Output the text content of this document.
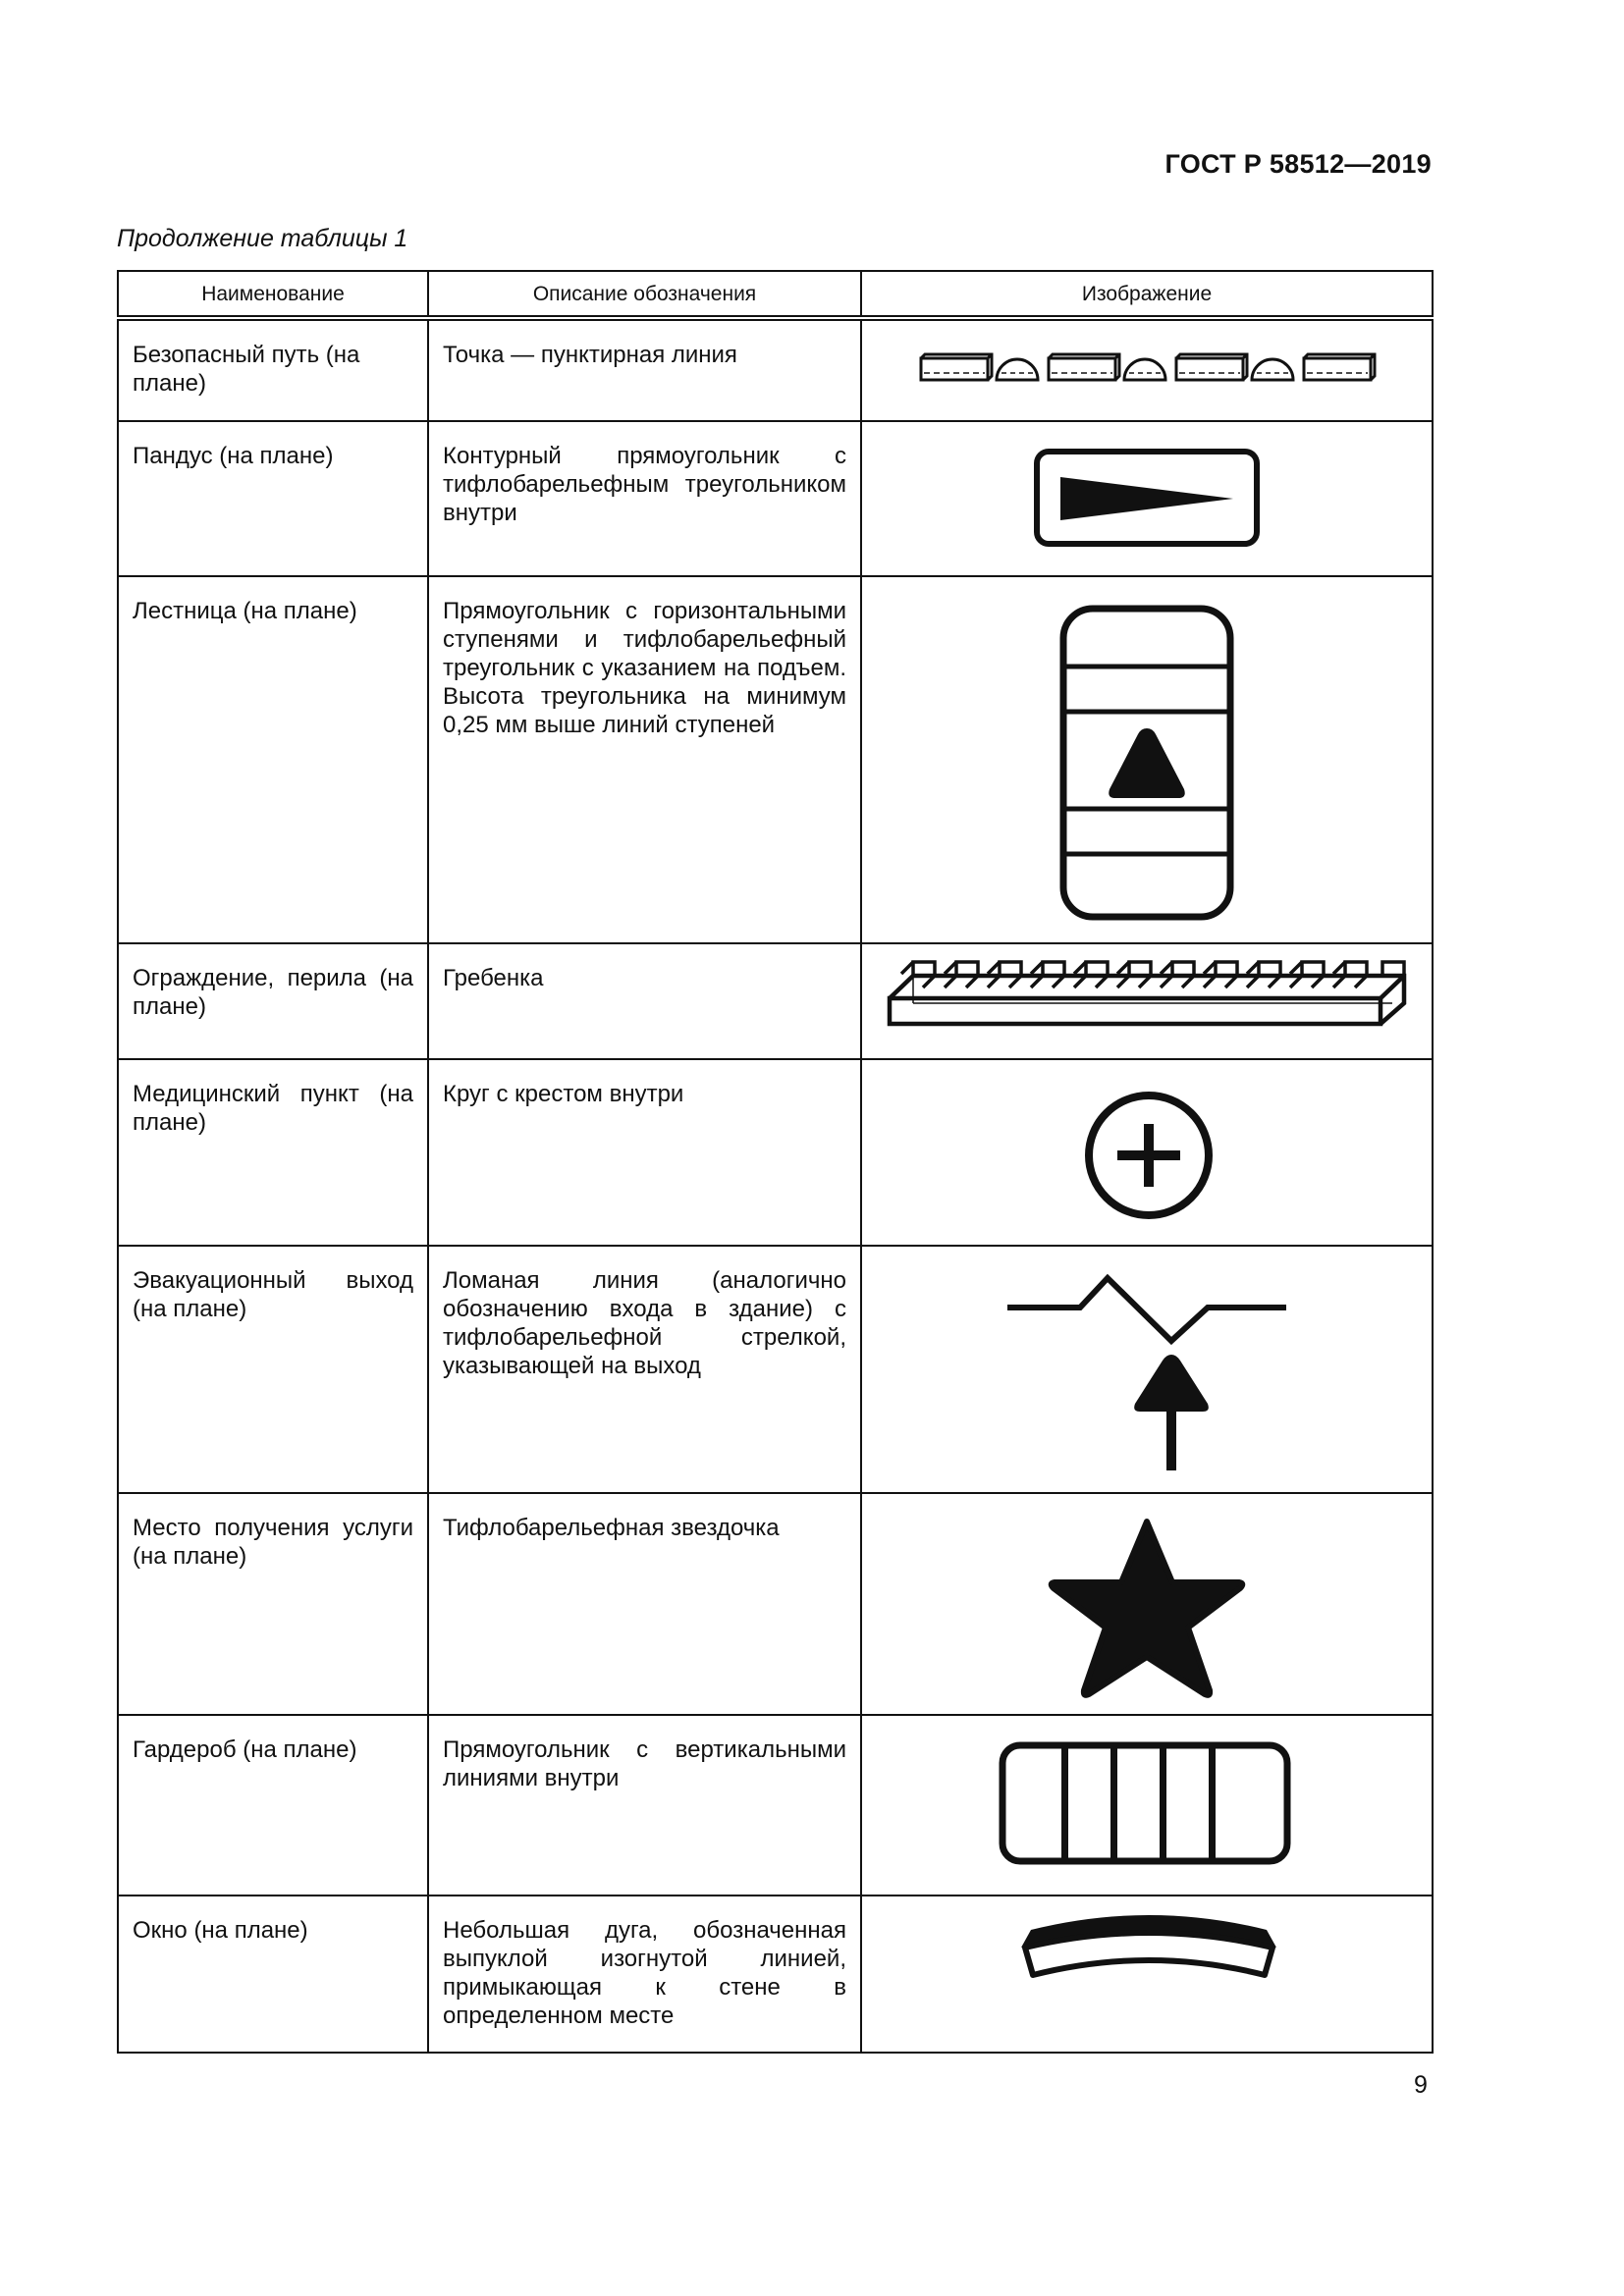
ГОСТ Р 58512—2019
Продолжение таблицы 1
Наименование	Описание обозначения	Изображение

Безопасный путь (на плане)	Точка — пунктирная линия

Пандус (на плане)	Контурный прямоугольник с тифлобарельефным треугольником внутри

Лестница (на плане)	Прямоугольник с горизонтальными ступенями и тифлобарельефный треугольник с указанием на подъем. Высота треугольника на минимум 0,25 мм выше линий ступеней

Ограждение, перила (на плане)	Гребенка

Медицинский пункт (на плане)	Круг с крестом внутри

Эвакуационный выход (на плане)	Ломаная линия (аналогично обозначению входа в здание) с тифлобарельефной стрелкой, указывающей на выход

Место получения услуги (на плане)	Тифлобарельефная звездочка

Гардероб (на плане)	Прямоугольник с вертикальными линиями внутри

Окно (на плане)	Небольшая дуга, обозначенная выпуклой изогнутой линией, примыкающая к стене в определенном месте

9
